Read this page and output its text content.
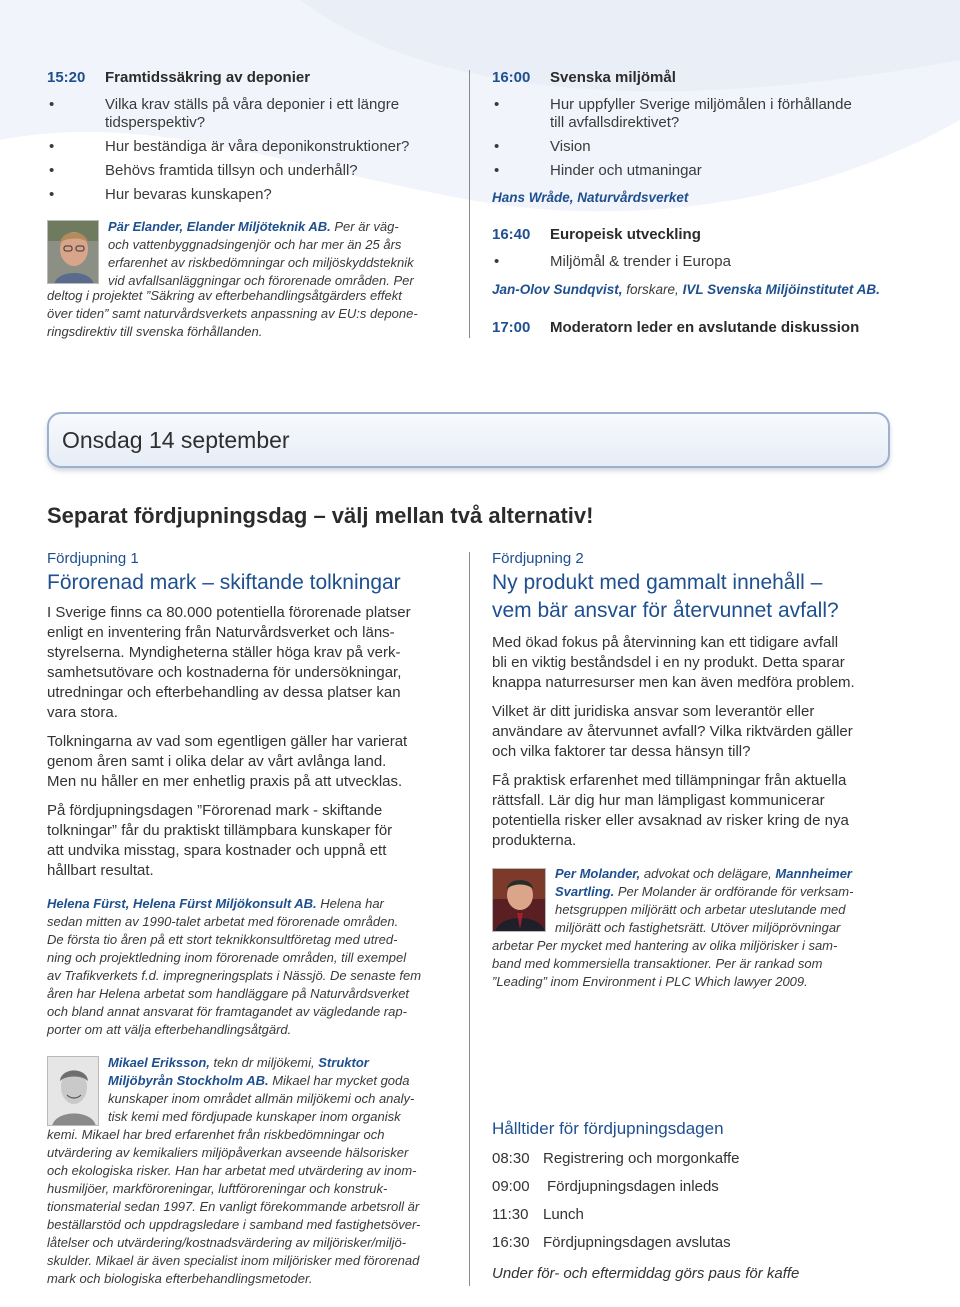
15:20	Framtidssäkring av deponier
•	Vilka krav ställs på våra deponier i ett längre
tidsperspektiv?
•	Hur beständiga är våra deponikonstruktioner?
•	Behövs framtida tillsyn och underhåll?
•	Hur bevaras kunskapen?
Pär Elander, Elander Miljöteknik AB. Per är väg-
och vattenbyggnadsingenjör och har mer än 25 års
erfarenhet av riskbedömningar och miljöskyddsteknik
vid avfallsanläggningar och förorenade områden. Per
deltog i projektet ”Säkring av efterbehandlingsåtgärders effekt
över tiden” samt naturvårdsverkets anpassning av EU:s depone-
ringsdirektiv till svenska förhållanden.
16:00	Svenska miljömål
•	Hur uppfyller Sverige miljömålen i förhållande
till avfallsdirektivet?
•	Vision
•	Hinder och utmaningar
Hans Wråde, Naturvårdsverket
16:40	Europeisk utveckling
•	Miljömål & trender i Europa
Jan-Olov Sundqvist, forskare, IVL Svenska Miljöinstitutet AB.
17:00	Moderatorn leder en avslutande diskussion
Onsdag 14 september
Separat fördjupningsdag – välj mellan två alternativ!
Fördjupning 1
Förorenad mark – skiftande tolkningar
I Sverige finns ca 80.000 potentiella förorenade platser
enligt en inventering från Naturvårdsverket och läns-
styrelserna. Myndigheterna ställer höga krav på verk-
samhetsutövare och kostnaderna för undersökningar,
utredningar och efterbehandling av dessa platser kan
vara stora.
Tolkningarna av vad som egentligen gäller har varierat
genom åren samt i olika delar av vårt avlånga land.
Men nu håller en mer enhetlig praxis på att utvecklas.
På fördjupningsdagen ”Förorenad mark - skiftande
tolkningar” får du praktiskt tillämpbara kunskaper för
att undvika misstag, spara kostnader och uppnå ett
hållbart resultat.
Helena Fürst, Helena Fürst Miljökonsult AB. Helena har
sedan mitten av 1990-talet arbetat med förorenade områden.
De första tio åren på ett stort teknikkonsultföretag med utred-
ning och projektledning inom förorenade områden, till exempel
av Trafikverkets f.d. impregneringsplats i Nässjö. De senaste fem
åren har Helena arbetat som handläggare på Naturvårdsverket
och bland annat ansvarat för framtagandet av vägledande rap-
porter om att välja efterbehandlingsåtgärd.
Mikael Eriksson, tekn dr miljökemi, Struktor
Miljöbyrån Stockholm AB. Mikael har mycket goda
kunskaper inom området allmän miljökemi och analy-
tisk kemi med fördjupade kunskaper inom organisk
kemi. Mikael har bred erfarenhet från riskbedömningar och
utvärdering av kemikaliers miljöpåverkan avseende hälsorisker
och ekologiska risker. Han har arbetat med utvärdering av inom-
husmiljöer, markföroreningar, luftföroreningar och konstruk-
tionsmaterial sedan 1997. En vanligt förekommande arbetsroll är
beställarstöd och uppdragsledare i samband med fastighetsöver-
låtelser och utvärdering/kostnadsvärdering av miljörisker/miljö-
skulder. Mikael är även specialist inom miljörisker med förorenad
mark och biologiska efterbehandlingsmetoder.
Fördjupning 2
Ny produkt med gammalt innehåll –
vem bär ansvar för återvunnet avfall?
Med ökad fokus på återvinning kan ett tidigare avfall
bli en viktig beståndsdel i en ny produkt. Detta sparar
knappa naturresurser men kan även medföra problem.
Vilket är ditt juridiska ansvar som leverantör eller
användare av återvunnet avfall? Vilka riktvärden gäller
och vilka faktorer tar dessa hänsyn till?
Få praktisk erfarenhet med tillämpningar från aktuella
rättsfall. Lär dig hur man lämpligast kommunicerar
potentiella risker eller avsaknad av risker kring de nya
produkterna.
Per Molander, advokat och delägare, Mannheimer
Svartling. Per Molander är ordförande för verksam-
hetsgruppen miljörätt och arbetar uteslutande med
miljörätt och fastighetsrätt. Utöver miljöprövningar
arbetar Per mycket med hantering av olika miljörisker i sam-
band med kommersiella transaktioner. Per är rankad som
”Leading” inom Environment i PLC Which lawyer 2009.
Hålltider för fördjupningsdagen
08:30 Registrering och morgonkaffe
09:00	Fördjupningsdagen inleds
11:30 Lunch
16:30 Fördjupningsdagen avslutas
Under för- och eftermiddag görs paus för kaffe
